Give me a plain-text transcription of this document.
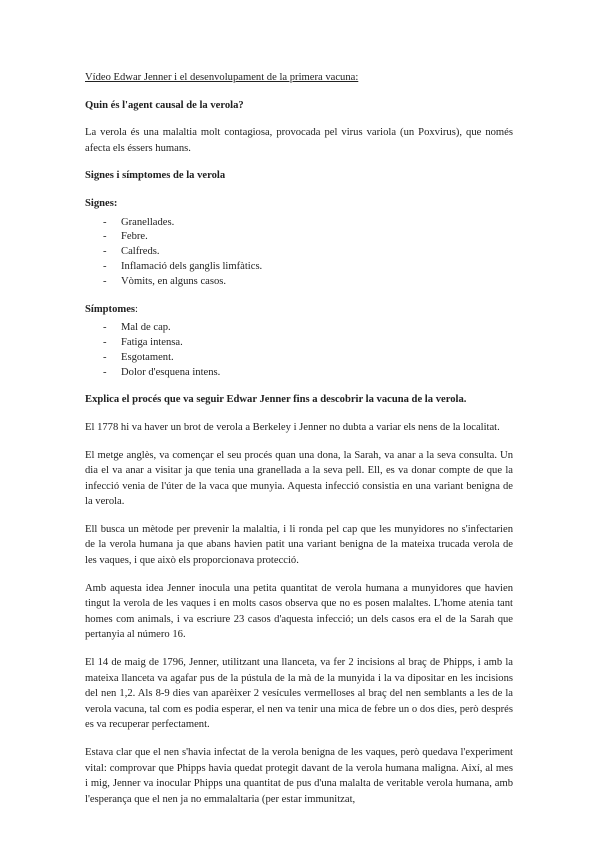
Vídeo Edwar Jenner i el desenvolupament de la primera vacuna:

Quin és l'agent causal de la verola?

La verola és una malaltia molt contagiosa, provocada pel virus variola (un Poxvirus), que només afecta els éssers humans.

Signes i símptomes de la verola

Signes:

- Granellades.
- Febre.
- Calfreds.
- Inflamació dels ganglis limfàtics.
- Vòmits, en alguns casos.

Símptomes:

- Mal de cap.
- Fatiga intensa.
- Esgotament.
- Dolor d'esquena intens.

Explica el procés que va seguir Edwar Jenner fins a descobrir la vacuna de la verola.

El 1778 hi va haver un brot de verola a Berkeley i Jenner no dubta a variar els nens de la localitat.

El metge anglès, va començar el seu procés quan una dona, la Sarah, va anar a la seva consulta. Un dia el va anar a visitar ja que tenia una granellada a la seva pell. Ell, es va donar compte de que la infecció venia de l'úter de la vaca que munyia. Aquesta infecció consistia en una variant benigna de la verola.

Ell busca un mètode per prevenir la malaltia, i li ronda pel cap que les munyidores no s'infectarien de la verola humana ja que abans havien patit una variant benigna de la mateixa trucada verola de les vaques, i que això els proporcionava protecció.

Amb aquesta idea Jenner inocula una petita quantitat de verola humana a munyidores que havien tingut la verola de les vaques i en molts casos observa que no es posen malaltes. L'home atenia tant homes com animals, i va escriure 23 casos d'aquesta infecció; un dels casos era el de la Sarah que pertanyia al número 16.

El 14 de maig de 1796, Jenner, utilitzant una llanceta, va fer 2 incisions al braç de Phipps, i amb la mateixa llanceta va agafar pus de la pústula de la mà de la munyida i la va dipositar en les incisions del nen 1,2. Als 8-9 dies van aparèixer 2 vesícules vermelloses al braç del nen semblants a les de la verola vacuna, tal com es podia esperar, el nen va tenir una mica de febre un o dos dies, però després es va recuperar perfectament.

Estava clar que el nen s'havia infectat de la verola benigna de les vaques, però quedava l'experiment vital: comprovar que Phipps havia quedat protegit davant de la verola humana maligna. Així, al mes i mig, Jenner va inocular Phipps una quantitat de pus d'una malalta de veritable verola humana, amb l'esperança que el nen ja no emmalaltaria (per estar immunitzat,
